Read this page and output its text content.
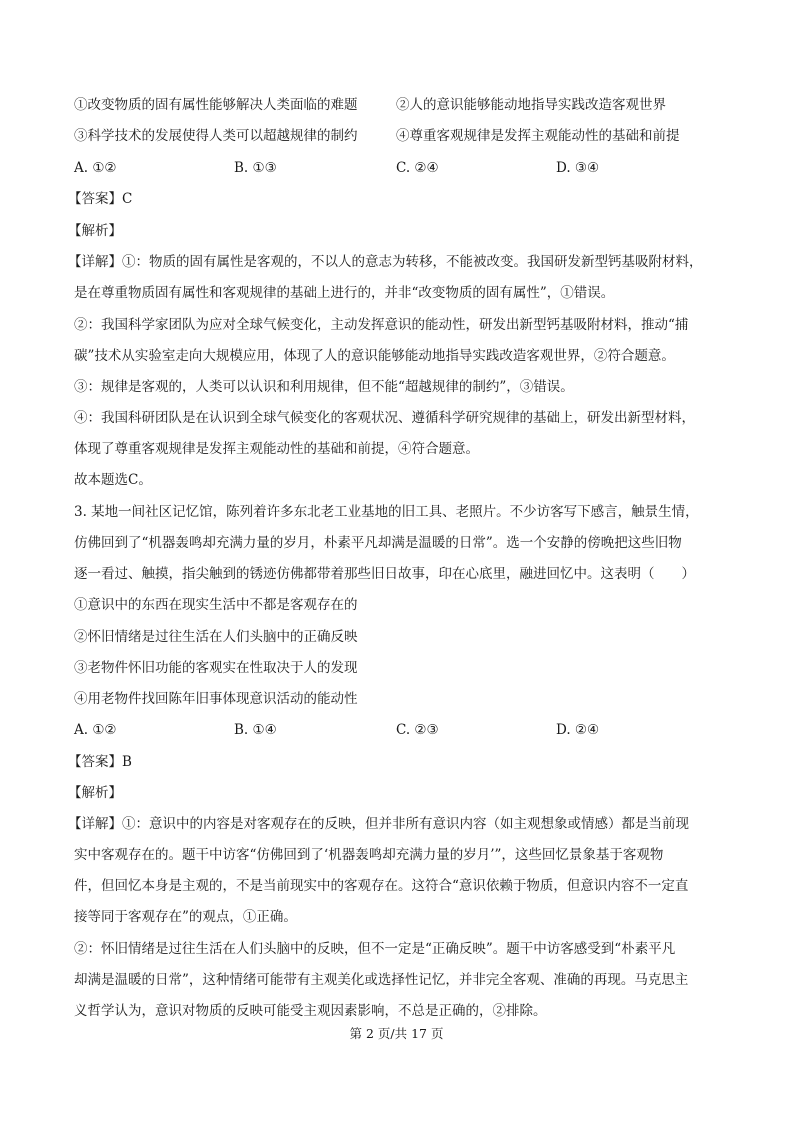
①改变物质的固有属性能够解决人类面临的难题	②人的意识能够能动地指导实践改造客观世界
③科学技术的发展使得人类可以超越规律的制约	④尊重客观规律是发挥主观能动性的基础和前提
A. ①②	B. ①③	C. ②④	D. ③④
【答案】C
【解析】
【详解】①：物质的固有属性是客观的，不以人的意志为转移，不能被改变。我国研发新型钙基吸附材料，
是在尊重物质固有属性和客观规律的基础上进行的，并非“改变物质的固有属性”，①错误。
②：我国科学家团队为应对全球气候变化，主动发挥意识的能动性，研发出新型钙基吸附材料，推动“捕
碳”技术从实验室走向大规模应用，体现了人的意识能够能动地指导实践改造客观世界，②符合题意。
③：规律是客观的，人类可以认识和利用规律，但不能“超越规律的制约”，③错误。
④：我国科研团队是在认识到全球气候变化的客观状况、遵循科学研究规律的基础上，研发出新型材料，
体现了尊重客观规律是发挥主观能动性的基础和前提，④符合题意。
故本题选C。
3. 某地一间社区记忆馆，陈列着许多东北老工业基地的旧工具、老照片。不少访客写下感言，触景生情，
仿佛回到了“机器轰鸣却充满力量的岁月，朴素平凡却满是温暖的日常”。选一个安静的傍晚把这些旧物
逐一看过、触摸，指尖触到的锈迹仿佛都带着那些旧日故事，印在心底里，融进回忆中。这表明（　　）
①意识中的东西在现实生活中不都是客观存在的
②怀旧情绪是过往生活在人们头脑中的正确反映
③老物件怀旧功能的客观实在性取决于人的发现
④用老物件找回陈年旧事体现意识活动的能动性
A. ①②	B. ①④	C. ②③	D. ②④
【答案】B
【解析】
【详解】①：意识中的内容是对客观存在的反映，但并非所有意识内容（如主观想象或情感）都是当前现
实中客观存在的。题干中访客“仿佛回到了‘机器轰鸣却充满力量的岁月’”，这些回忆景象基于客观物
件，但回忆本身是主观的，不是当前现实中的客观存在。这符合“意识依赖于物质，但意识内容不一定直
接等同于客观存在”的观点，①正确。
②：怀旧情绪是过往生活在人们头脑中的反映，但不一定是“正确反映”。题干中访客感受到“朴素平凡
却满是温暖的日常”，这种情绪可能带有主观美化或选择性记忆，并非完全客观、准确的再现。马克思主
义哲学认为，意识对物质的反映可能受主观因素影响，不总是正确的，②排除。
第 2 页/共 17 页
